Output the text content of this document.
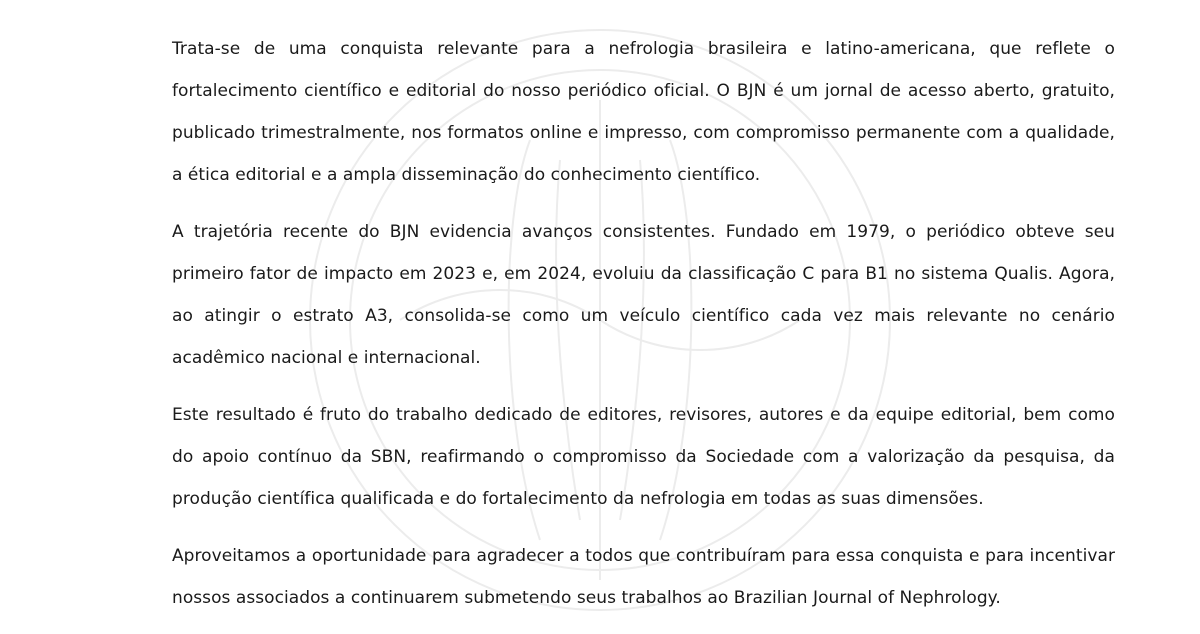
Trata-se de uma conquista relevante para a nefrologia brasileira e latino-americana, que reflete o fortalecimento científico e editorial do nosso periódico oficial. O BJN é um jornal de acesso aberto, gratuito, publicado trimestralmente, nos formatos online e impresso, com compromisso permanente com a qualidade, a ética editorial e a ampla disseminação do conhecimento científico.

A trajetória recente do BJN evidencia avanços consistentes. Fundado em 1979, o periódico obteve seu primeiro fator de impacto em 2023 e, em 2024, evoluiu da classificação C para B1 no sistema Qualis. Agora, ao atingir o estrato A3, consolida-se como um veículo científico cada vez mais relevante no cenário acadêmico nacional e internacional.

Este resultado é fruto do trabalho dedicado de editores, revisores, autores e da equipe editorial, bem como do apoio contínuo da SBN, reafirmando o compromisso da Sociedade com a valorização da pesquisa, da produção científica qualificada e do fortalecimento da nefrologia em todas as suas dimensões.

Aproveitamos a oportunidade para agradecer a todos que contribuíram para essa conquista e para incentivar nossos associados a continuarem submetendo seus trabalhos ao Brazilian Journal of Nephrology.
